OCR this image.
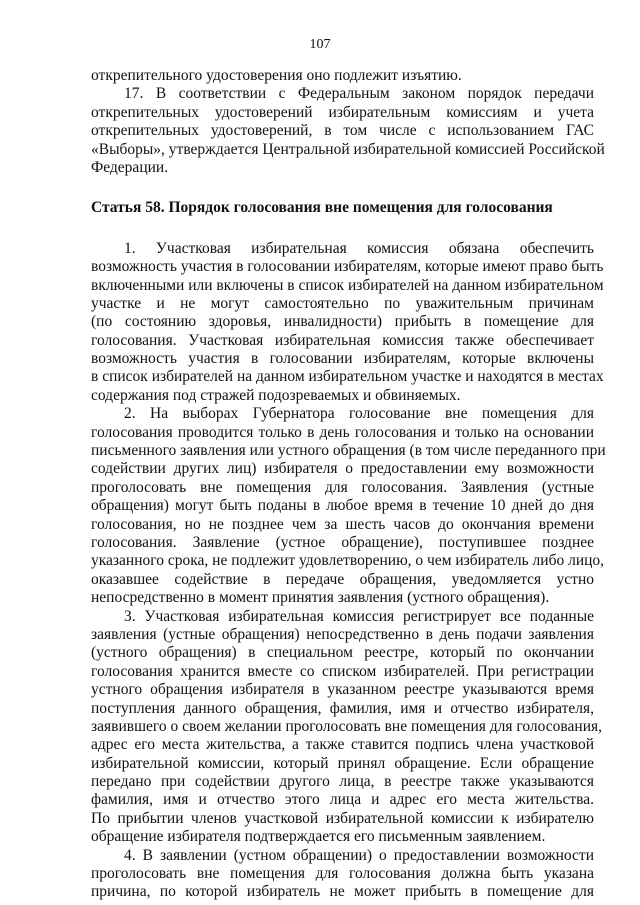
107
открепительного удостоверения оно подлежит изъятию.
17. В соответствии с Федеральным законом порядок передачи
открепительных удостоверений избирательным комиссиям и учета
открепительных удостоверений, в том числе с использованием ГАС
«Выборы», утверждается Центральной избирательной комиссией Российской
Федерации.
Статья 58. Порядок голосования вне помещения для голосования
1. Участковая избирательная комиссия обязана обеспечить
возможность участия в голосовании избирателям, которые имеют право быть
включенными или включены в список избирателей на данном избирательном
участке и не могут самостоятельно по уважительным причинам
(по состоянию здоровья, инвалидности) прибыть в помещение для
голосования. Участковая избирательная комиссия также обеспечивает
возможность участия в голосовании избирателям, которые включены
в список избирателей на данном избирательном участке и находятся в местах
содержания под стражей подозреваемых и обвиняемых.
2. На выборах Губернатора голосование вне помещения для
голосования проводится только в день голосования и только на основании
письменного заявления или устного обращения (в том числе переданного при
содействии других лиц) избирателя о предоставлении ему возможности
проголосовать вне помещения для голосования. Заявления (устные
обращения) могут быть поданы в любое время в течение 10 дней до дня
голосования, но не позднее чем за шесть часов до окончания времени
голосования. Заявление (устное обращение), поступившее позднее
указанного срока, не подлежит удовлетворению, о чем избиратель либо лицо,
оказавшее содействие в передаче обращения, уведомляется устно
непосредственно в момент принятия заявления (устного обращения).
3. Участковая избирательная комиссия регистрирует все поданные
заявления (устные обращения) непосредственно в день подачи заявления
(устного обращения) в специальном реестре, который по окончании
голосования хранится вместе со списком избирателей. При регистрации
устного обращения избирателя в указанном реестре указываются время
поступления данного обращения, фамилия, имя и отчество избирателя,
заявившего о своем желании проголосовать вне помещения для голосования,
адрес его места жительства, а также ставится подпись члена участковой
избирательной комиссии, который принял обращение. Если обращение
передано при содействии другого лица, в реестре также указываются
фамилия, имя и отчество этого лица и адрес его места жительства.
По прибытии членов участковой избирательной комиссии к избирателю
обращение избирателя подтверждается его письменным заявлением.
4. В заявлении (устном обращении) о предоставлении возможности
проголосовать вне помещения для голосования должна быть указана
причина, по которой избиратель не может прибыть в помещение для
